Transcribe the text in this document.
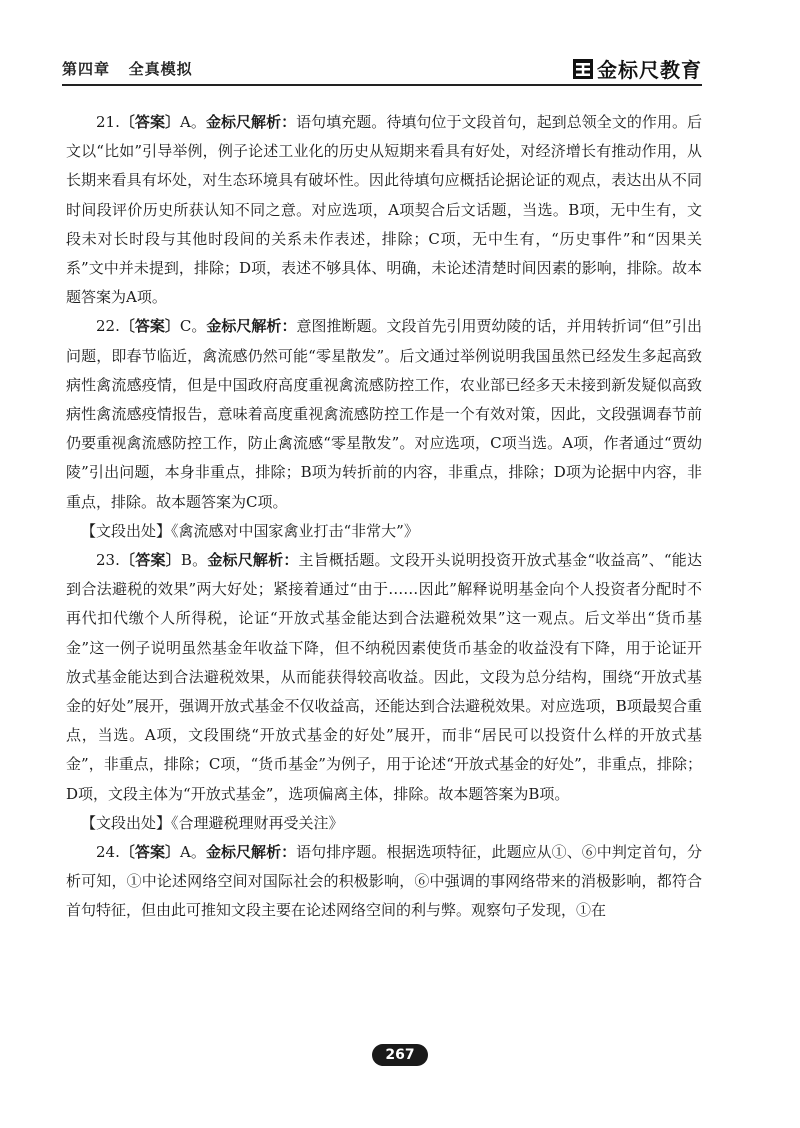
第四章   全真模拟	金标尺教育

21.〔答案〕A。金标尺解析：语句填充题。待填句位于文段首句，起到总领全文的作用。后文以“比如”引导举例，例子论述工业化的历史从短期来看具有好处，对经济增长有推动作用，从长期来看具有坏处，对生态环境具有破坏性。因此待填句应概括论据论证的观点，表达出从不同时间段评价历史所获认知不同之意。对应选项，A项契合后文话题，当选。B项，无中生有，文段未对长时段与其他时段间的关系未作表述，排除；C项，无中生有，“历史事件”和“因果关系”文中并未提到，排除；D项，表述不够具体、明确，未论述清楚时间因素的影响，排除。故本题答案为A项。

22.〔答案〕C。金标尺解析：意图推断题。文段首先引用贾幼陵的话，并用转折词“但”引出问题，即春节临近，禽流感仍然可能“零星散发”。后文通过举例说明我国虽然已经发生多起高致病性禽流感疫情，但是中国政府高度重视禽流感防控工作，农业部已经多天未接到新发疑似高致病性禽流感疫情报告，意味着高度重视禽流感防控工作是一个有效对策，因此，文段强调春节前仍要重视禽流感防控工作，防止禽流感“零星散发”。对应选项，C项当选。A项，作者通过“贾幼陵”引出问题，本身非重点，排除；B项为转折前的内容，非重点，排除；D项为论据中内容，非重点，排除。故本题答案为C项。

【文段出处】《禽流感对中国家禽业打击“非常大”》

23.〔答案〕B。金标尺解析：主旨概括题。文段开头说明投资开放式基金“收益高”、“能达到合法避税的效果”两大好处；紧接着通过“由于……因此”解释说明基金向个人投资者分配时不再代扣代缴个人所得税，论证“开放式基金能达到合法避税效果”这一观点。后文举出“货币基金”这一例子说明虽然基金年收益下降，但不纳税因素使货币基金的收益没有下降，用于论证开放式基金能达到合法避税效果，从而能获得较高收益。因此，文段为总分结构，围绕“开放式基金的好处”展开，强调开放式基金不仅收益高，还能达到合法避税效果。对应选项，B项最契合重点，当选。A项，文段围绕“开放式基金的好处”展开，而非“居民可以投资什么样的开放式基金”，非重点，排除；C项，“货币基金”为例子，用于论述“开放式基金的好处”，非重点，排除；D项，文段主体为“开放式基金”，选项偏离主体，排除。故本题答案为B项。

【文段出处】《合理避税理财再受关注》

24.〔答案〕A。金标尺解析：语句排序题。根据选项特征，此题应从①、⑥中判定首句，分析可知，①中论述网络空间对国际社会的积极影响，⑥中强调的事网络带来的消极影响，都符合首句特征，但由此可推知文段主要在论述网络空间的利与弊。观察句子发现，①在

267
